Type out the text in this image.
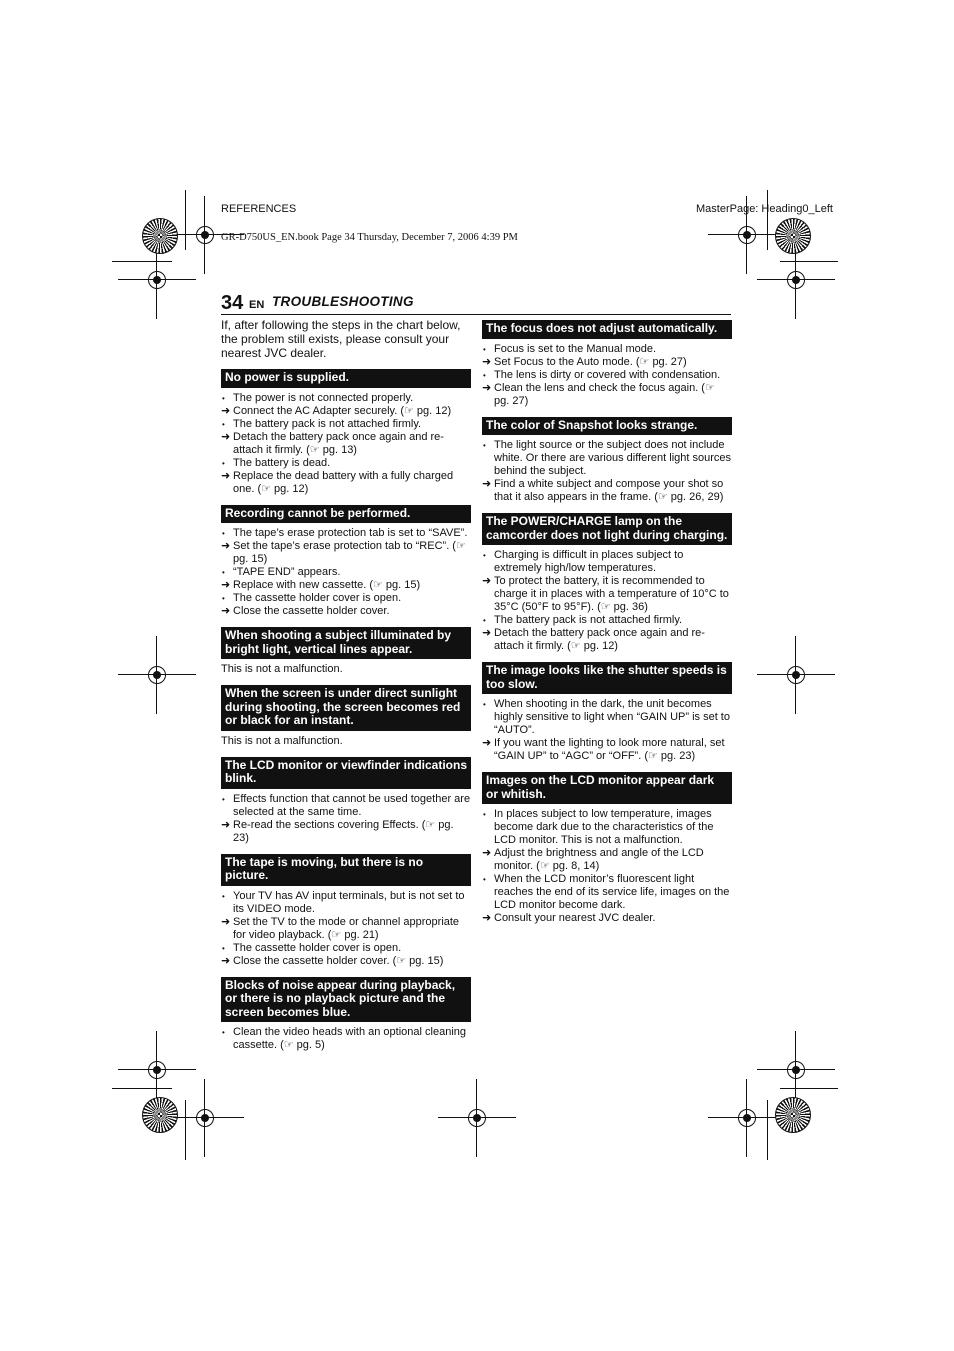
REFERENCES	MasterPage: Heading0_Left
GR-D750US_EN.book Page 34 Thursday, December 7, 2006 4:39 PM
34 EN TROUBLESHOOTING

If, after following the steps in the chart below, the problem still exists, please consult your nearest JVC dealer.

No power is supplied.
• The power is not connected properly.
➜ Connect the AC Adapter securely. (☞ pg. 12)
• The battery pack is not attached firmly.
➜ Detach the battery pack once again and re-attach it firmly. (☞ pg. 13)
• The battery is dead.
➜ Replace the dead battery with a fully charged one. (☞ pg. 12)
Recording cannot be performed.
• The tape’s erase protection tab is set to “SAVE”.
➜ Set the tape’s erase protection tab to “REC”. (☞ pg. 15)
• “TAPE END” appears.
➜ Replace with new cassette. (☞ pg. 15)
• The cassette holder cover is open.
➜ Close the cassette holder cover.
When shooting a subject illuminated by bright light, vertical lines appear.
This is not a malfunction.
When the screen is under direct sunlight during shooting, the screen becomes red or black for an instant.
This is not a malfunction.
The LCD monitor or viewfinder indications blink.
• Effects function that cannot be used together are selected at the same time.
➜ Re-read the sections covering Effects. (☞ pg. 23)
The tape is moving, but there is no picture.
• Your TV has AV input terminals, but is not set to its VIDEO mode.
➜ Set the TV to the mode or channel appropriate for video playback. (☞ pg. 21)
• The cassette holder cover is open.
➜ Close the cassette holder cover. (☞ pg. 15)
Blocks of noise appear during playback, or there is no playback picture and the screen becomes blue.
• Clean the video heads with an optional cleaning cassette. (☞ pg. 5)
The focus does not adjust automatically.
• Focus is set to the Manual mode.
➜ Set Focus to the Auto mode. (☞ pg. 27)
• The lens is dirty or covered with condensation.
➜ Clean the lens and check the focus again. (☞ pg. 27)
The color of Snapshot looks strange.
• The light source or the subject does not include white. Or there are various different light sources behind the subject.
➜ Find a white subject and compose your shot so that it also appears in the frame. (☞ pg. 26, 29)
The POWER/CHARGE lamp on the camcorder does not light during charging.
• Charging is difficult in places subject to extremely high/low temperatures.
➜ To protect the battery, it is recommended to charge it in places with a temperature of 10°C to 35°C (50°F to 95°F). (☞ pg. 36)
• The battery pack is not attached firmly.
➜ Detach the battery pack once again and re-attach it firmly. (☞ pg. 12)
The image looks like the shutter speeds is too slow.
• When shooting in the dark, the unit becomes highly sensitive to light when “GAIN UP” is set to “AUTO”.
➜ If you want the lighting to look more natural, set “GAIN UP” to “AGC” or “OFF”. (☞ pg. 23)
Images on the LCD monitor appear dark or whitish.
• In places subject to low temperature, images become dark due to the characteristics of the LCD monitor. This is not a malfunction.
➜ Adjust the brightness and angle of the LCD monitor. (☞ pg. 8, 14)
• When the LCD monitor’s fluorescent light reaches the end of its service life, images on the LCD monitor become dark.
➜ Consult your nearest JVC dealer.
